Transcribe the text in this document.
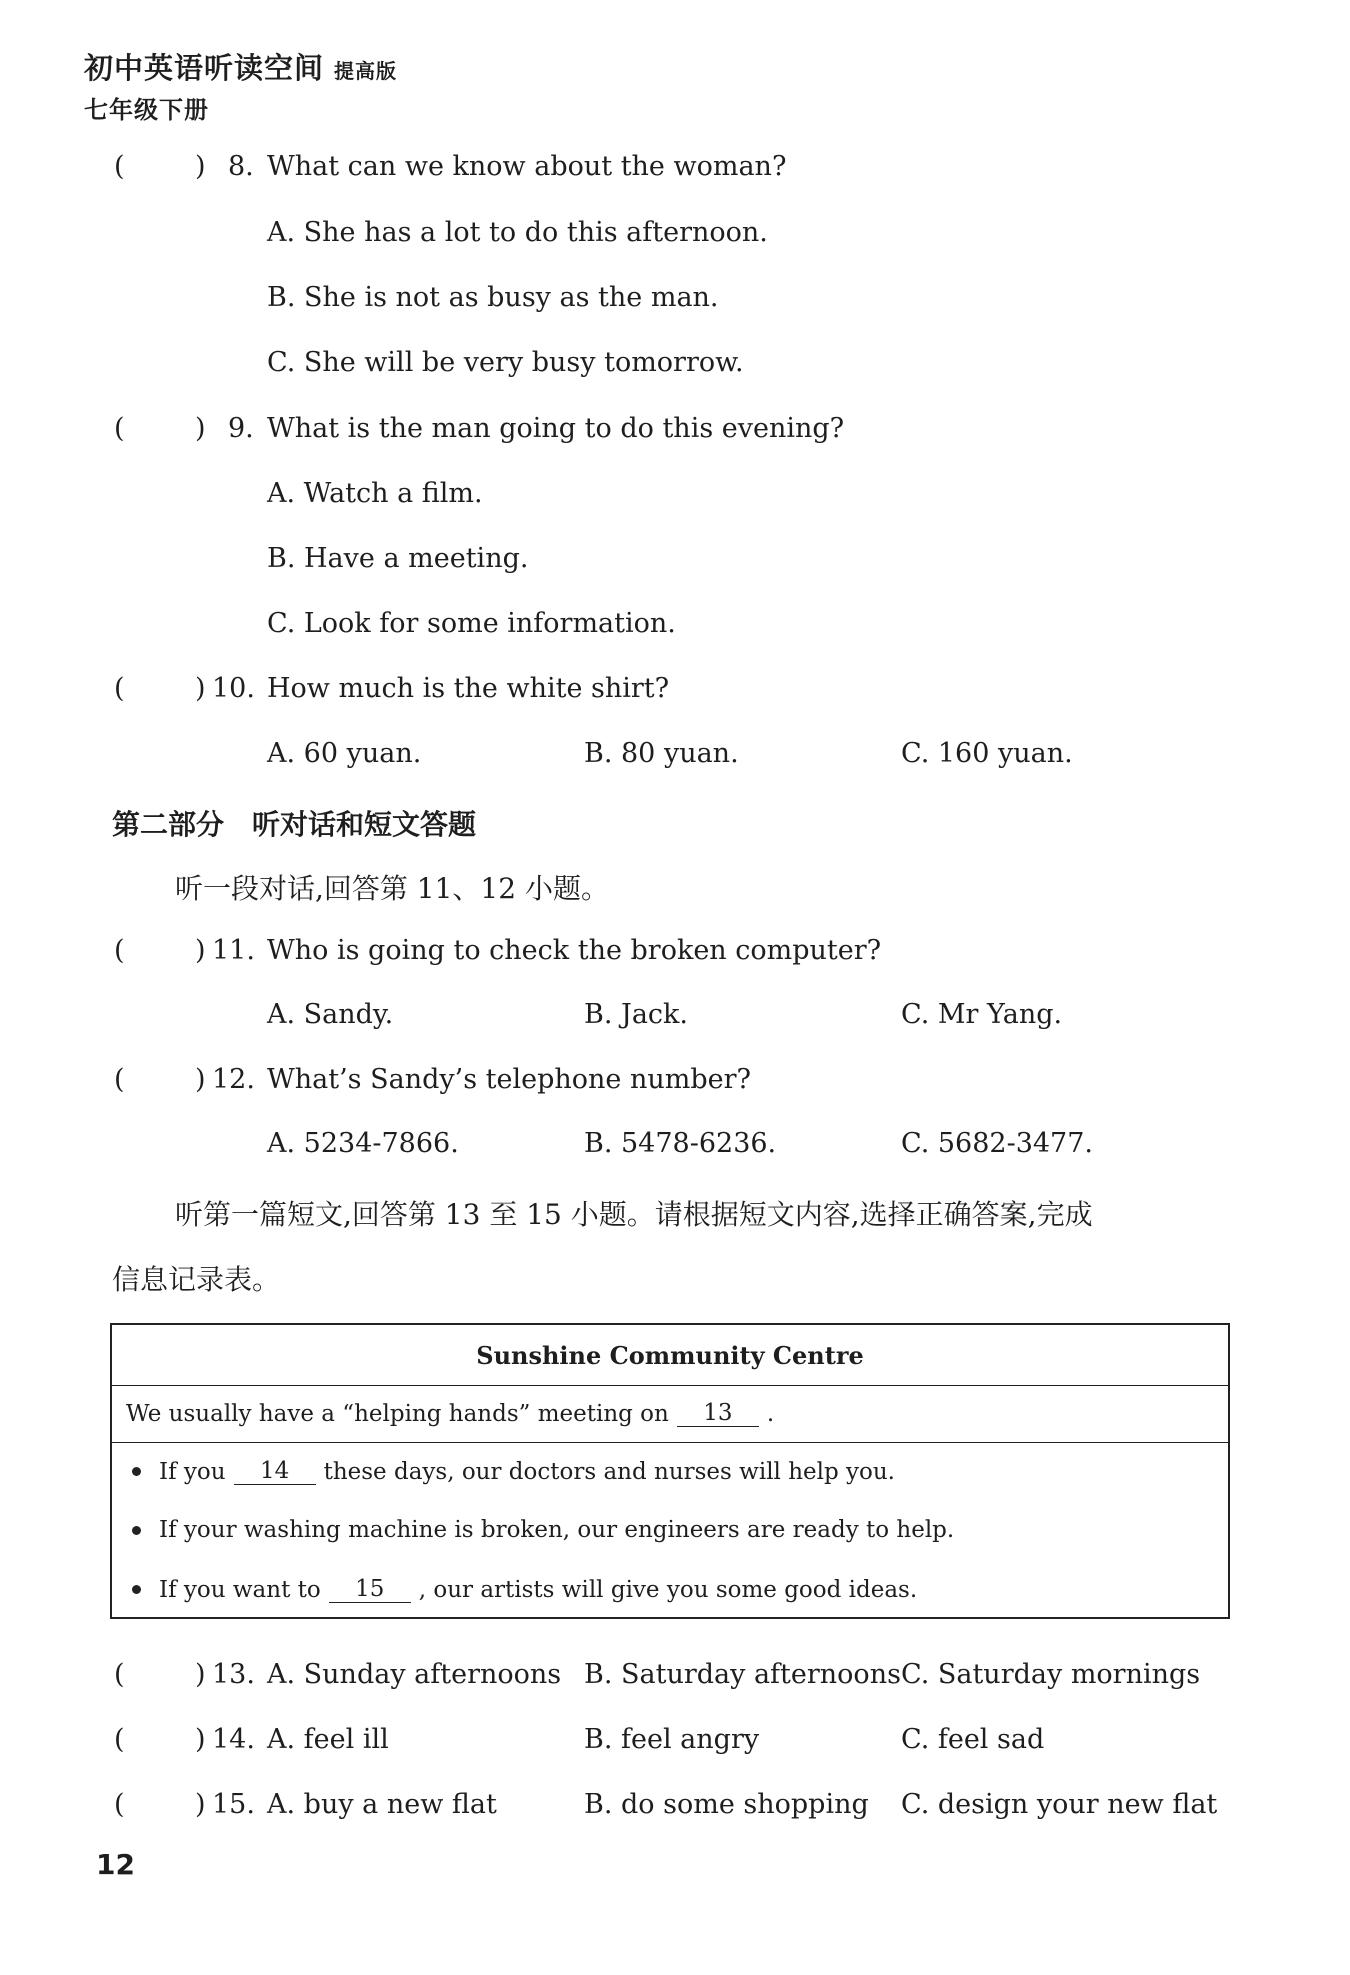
初中英语听读空间 提高版
七年级下册
(	) 8. What can we know about the woman?
A. She has a lot to do this afternoon.
B. She is not as busy as the man.
C. She will be very busy tomorrow.
(	) 9. What is the man going to do this evening?
A. Watch a film.
B. Have a meeting.
C. Look for some information.
(	) 10. How much is the white shirt?
A. 60 yuan.	B. 80 yuan.	C. 160 yuan.
第二部分　听对话和短文答题
听一段对话,回答第 11、12 小题。
(	) 11. Who is going to check the broken computer?
A. Sandy.	B. Jack.	C. Mr Yang.
(	) 12. What’s Sandy’s telephone number?
A. 5234-7866.	B. 5478-6236.	C. 5682-3477.
听第一篇短文,回答第 13 至 15 小题。请根据短文内容,选择正确答案,完成
信息记录表。
Sunshine Community Centre
We usually have a “helping hands” meeting on	13	.
If you	14	these days, our doctors and nurses will help you.
If your washing machine is broken, our engineers are ready to help.
If you want to	15	, our artists will give you some good ideas.
(	) 13. A. Sunday afternoons B. Saturday afternoons C. Saturday mornings
(	) 14. A. feel ill	B. feel angry	C. feel sad
(	) 15. A. buy a new flat	B. do some shopping C. design your new flat
12
